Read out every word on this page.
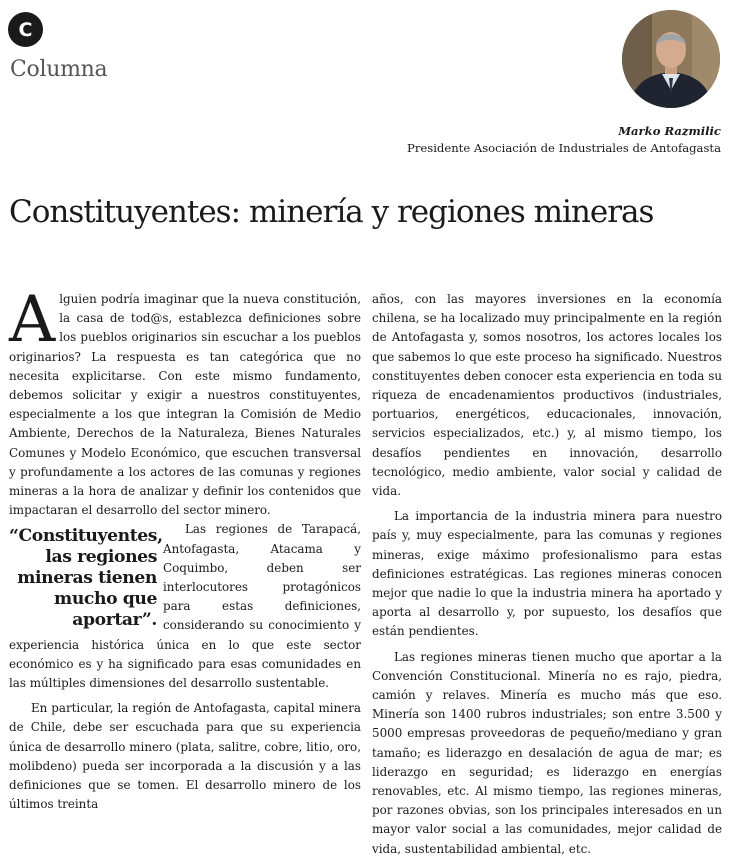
C
Columna
Marko Razmilic
Presidente Asociación de Industriales de Antofagasta
Constituyentes: minería y regiones mineras
A lguien podría imaginar que la nueva constitución, la casa de tod@s, establezca definiciones sobre los pueblos originarios sin escuchar a los pueblos originarios? La respuesta es tan categórica que no necesita explicitarse. Con este mismo fundamento, debemos solicitar y exigir a nuestros constituyentes, especialmente a los que integran la Comisión de Medio Ambiente, Derechos de la Naturaleza, Bienes Naturales Comunes y Modelo Económico, que escuchen transversal y profundamente a los actores de las comunas y regiones mineras a la hora de analizar y definir los contenidos que impactaran el desarrollo del sector minero.

“Constituyentes, las regiones mineras tienen mucho que aportar”.

Las regiones de Tarapacá, Antofagasta, Atacama y Coquimbo, deben ser interlocutores protagónicos para estas definiciones, considerando su conocimiento y experiencia histórica única en lo que este sector económico es y ha significado para esas comunidades en las múltiples dimensiones del desarrollo sustentable.

En particular, la región de Antofagasta, capital minera de Chile, debe ser escuchada para que su experiencia única de desarrollo minero (plata, salitre, cobre, litio, oro, molibdeno) pueda ser incorporada a la discusión y a las definiciones que se tomen. El desarrollo minero de los últimos treinta

años, con las mayores inversiones en la economía chilena, se ha localizado muy principalmente en la región de Antofagasta y, somos nosotros, los actores locales los que sabemos lo que este proceso ha significado. Nuestros constituyentes deben conocer esta experiencia en toda su riqueza de encadenamientos productivos (industriales, portuarios, energéticos, educacionales, innovación, servicios especializados, etc.) y, al mismo tiempo, los desafíos pendientes en innovación, desarrollo tecnológico, medio ambiente, valor social y calidad de vida.

La importancia de la industria minera para nuestro país y, muy especialmente, para las comunas y regiones mineras, exige máximo profesionalismo para estas definiciones estratégicas. Las regiones mineras conocen mejor que nadie lo que la industria minera ha aportado y aporta al desarrollo y, por supuesto, los desafíos que están pendientes.

Las regiones mineras tienen mucho que aportar a la Convención Constitucional. Minería no es rajo, piedra, camión y relaves. Minería es mucho más que eso. Minería son 1400 rubros industriales; son entre 3.500 y 5000 empresas proveedoras de pequeño/mediano y gran tamaño; es liderazgo en desalación de agua de mar; es liderazgo en seguridad; es liderazgo en energías renovables, etc. Al mismo tiempo, las regiones mineras, por razones obvias, son los principales interesados en un mayor valor social a las comunidades, mejor calidad de vida, sustentabilidad ambiental, etc.
